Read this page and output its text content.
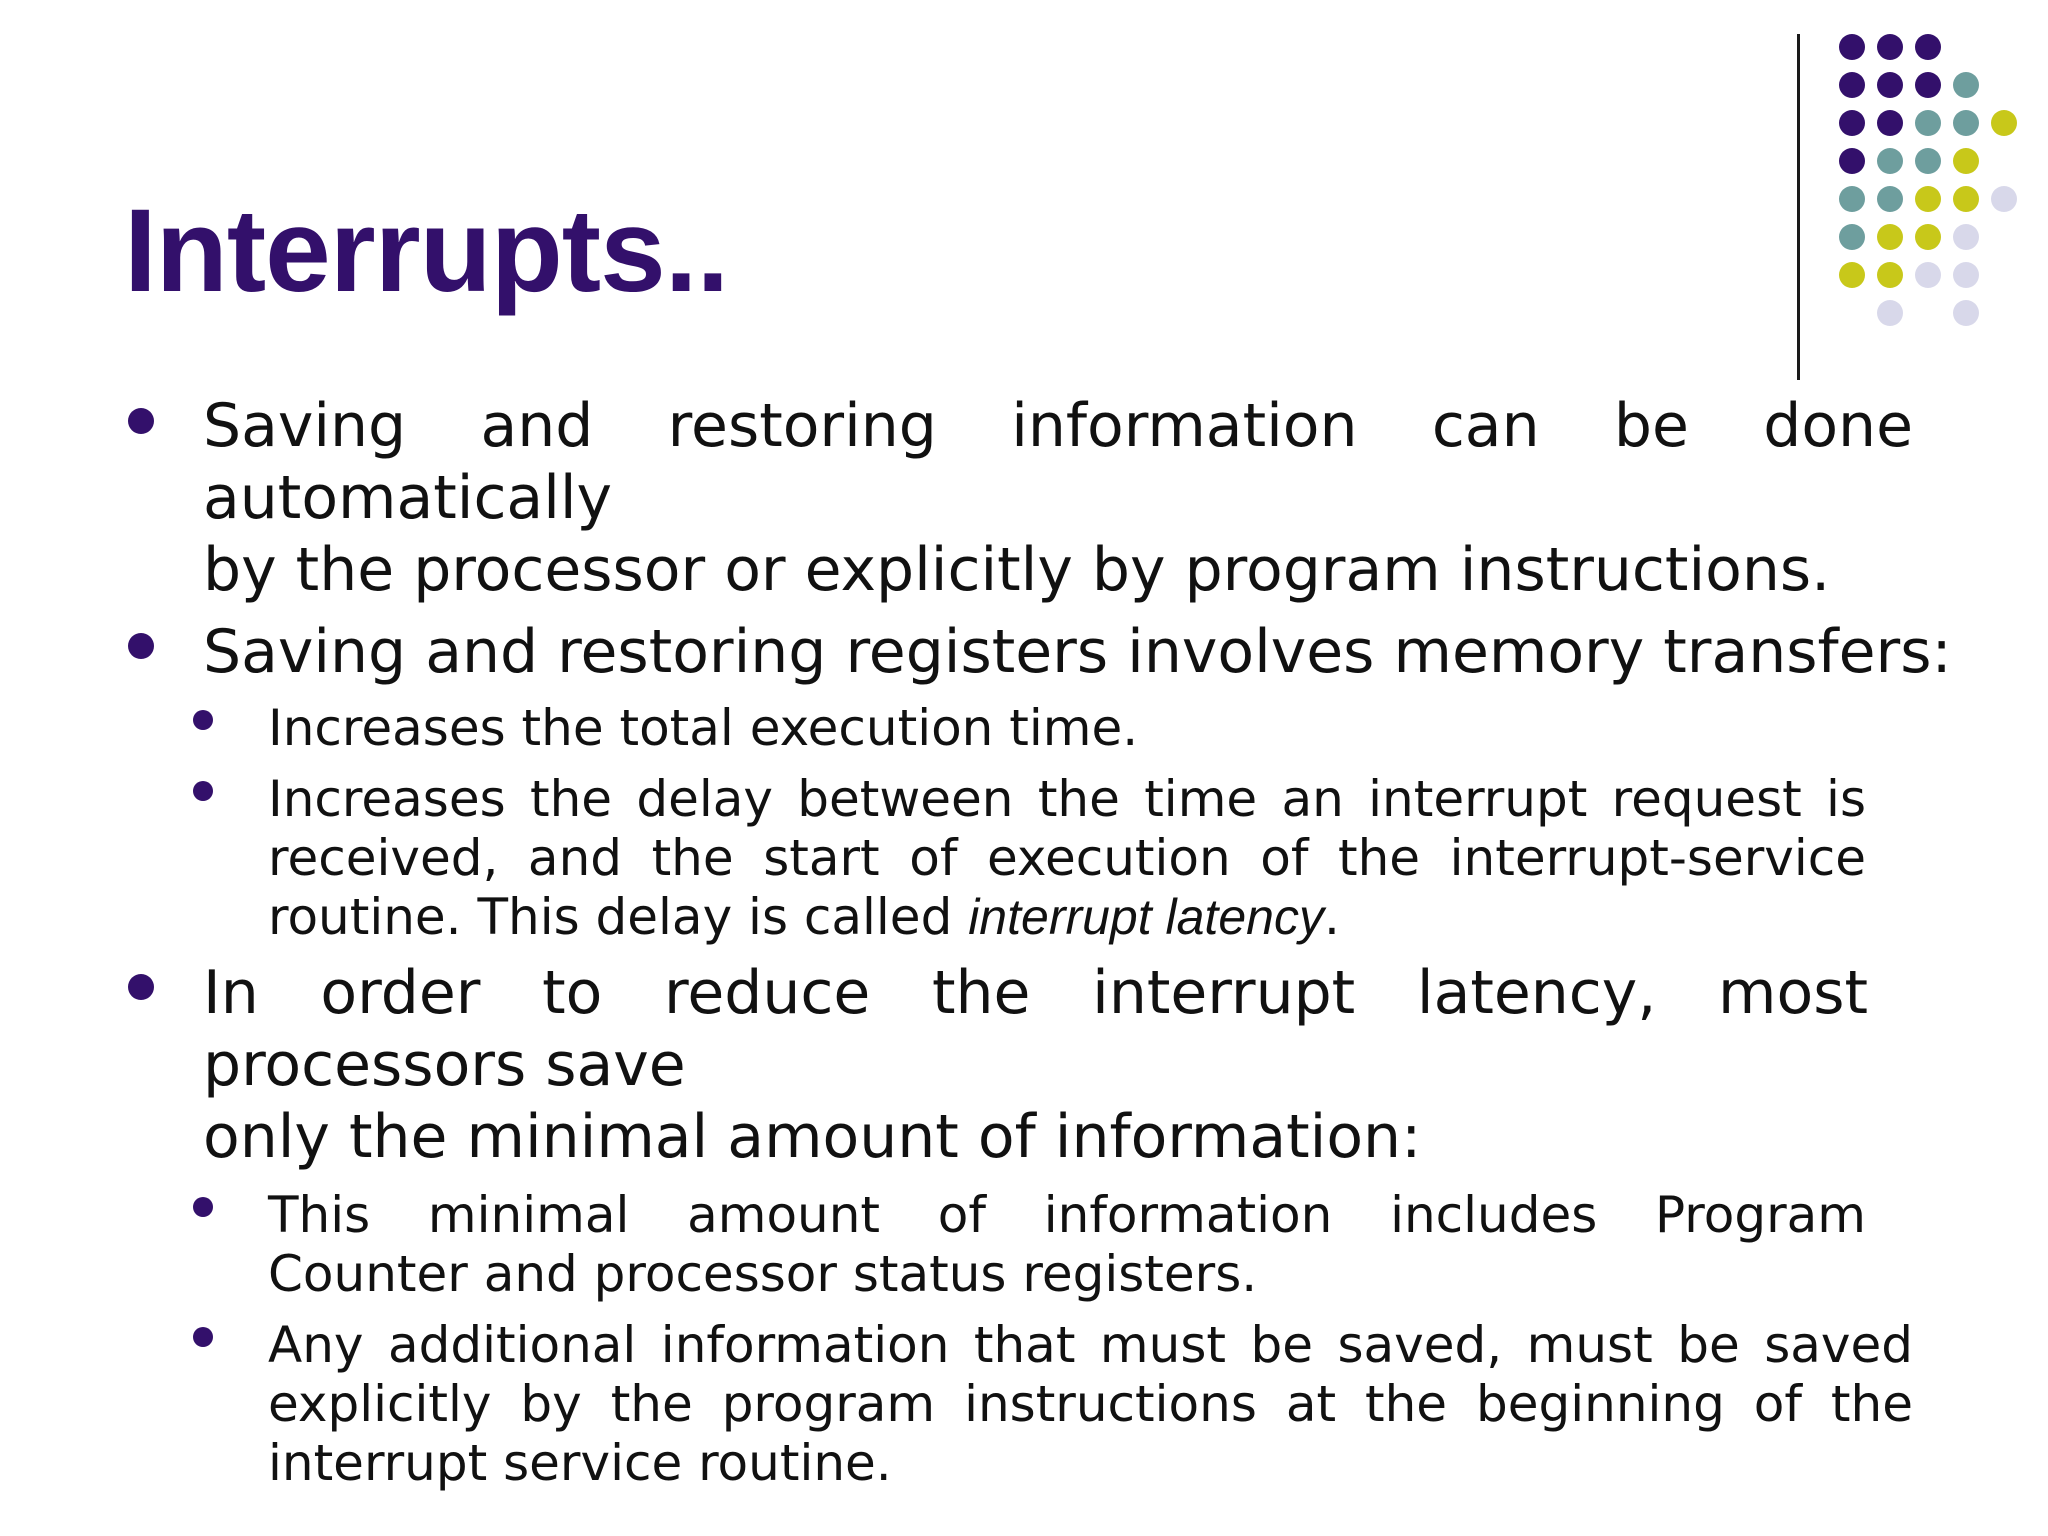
Interrupts..
Saving and restoring information can be done
automatically
by the processor or explicitly by program instructions.
Saving and restoring registers involves memory transfers:
Increases the total execution time.
Increases the delay between the time an interrupt request is
received, and the start of execution of the interrupt-service
routine. This delay is called interrupt latency.
In order to reduce the interrupt latency, most
processors save
only the minimal amount of information:
This minimal amount of information includes Program
Counter and processor status registers.
Any additional information that must be saved, must be saved
explicitly by the program instructions at the beginning of the
interrupt service routine.
